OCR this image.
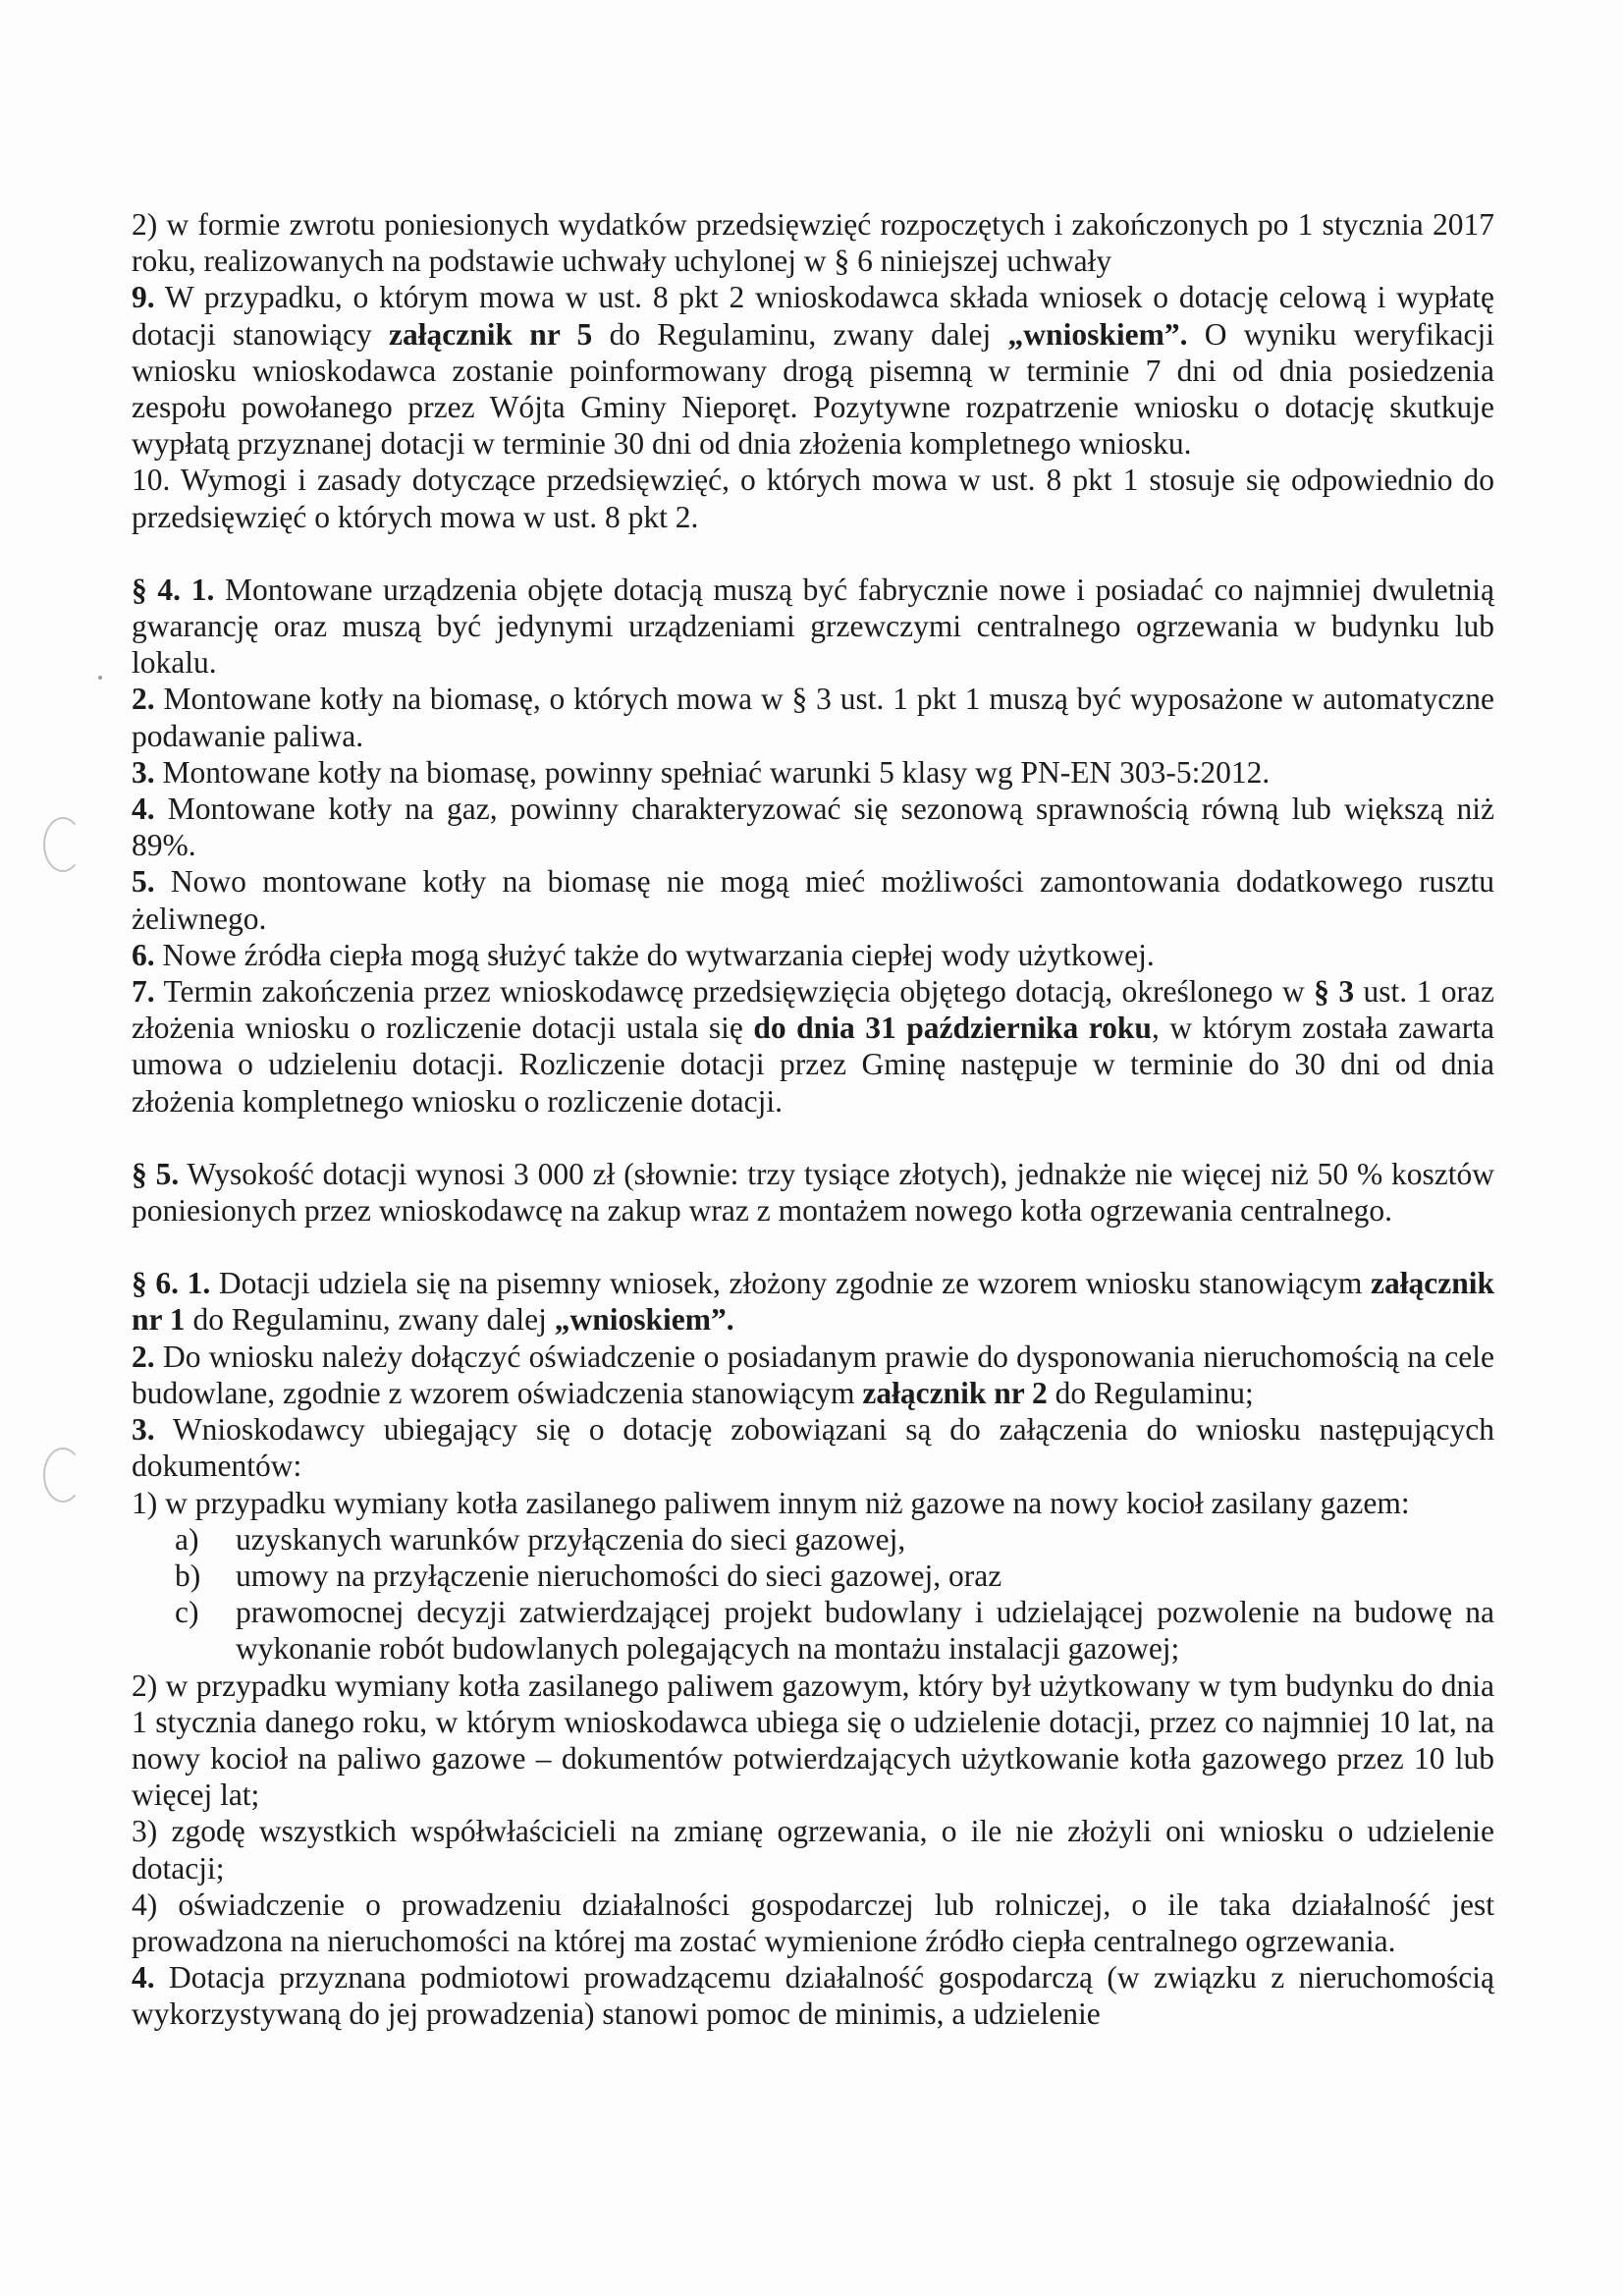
2) w formie zwrotu poniesionych wydatków przedsięwzięć rozpoczętych i zakończonych po 1 stycznia 2017 roku, realizowanych na podstawie uchwały uchylonej w § 6 niniejszej uchwały

9. W przypadku, o którym mowa w ust. 8 pkt 2 wnioskodawca składa wniosek o dotację celową i wypłatę dotacji stanowiący załącznik nr 5 do Regulaminu, zwany dalej „wnioskiem”. O wyniku weryfikacji wniosku wnioskodawca zostanie poinformowany drogą pisemną w terminie 7 dni od dnia posiedzenia zespołu powołanego przez Wójta Gminy Nieporęt. Pozytywne rozpatrzenie wniosku o dotację skutkuje wypłatą przyznanej dotacji w terminie 30 dni od dnia złożenia kompletnego wniosku.

10. Wymogi i zasady dotyczące przedsięwzięć, o których mowa w ust. 8 pkt 1 stosuje się odpowiednio do przedsięwzięć o których mowa w ust. 8 pkt 2.

§ 4. 1. Montowane urządzenia objęte dotacją muszą być fabrycznie nowe i posiadać co najmniej dwuletnią gwarancję oraz muszą być jedynymi urządzeniami grzewczymi centralnego ogrzewania w budynku lub lokalu.

2. Montowane kotły na biomasę, o których mowa w § 3 ust. 1 pkt 1 muszą być wyposażone w automatyczne podawanie paliwa.

3. Montowane kotły na biomasę, powinny spełniać warunki 5 klasy wg PN-EN 303-5:2012.

4. Montowane kotły na gaz, powinny charakteryzować się sezonową sprawnością równą lub większą niż 89%.

5. Nowo montowane kotły na biomasę nie mogą mieć możliwości zamontowania dodatkowego rusztu żeliwnego.

6. Nowe źródła ciepła mogą służyć także do wytwarzania ciepłej wody użytkowej.

7. Termin zakończenia przez wnioskodawcę przedsięwzięcia objętego dotacją, określonego w § 3 ust. 1 oraz złożenia wniosku o rozliczenie dotacji ustala się do dnia 31 października roku, w którym została zawarta umowa o udzieleniu dotacji. Rozliczenie dotacji przez Gminę następuje w terminie do 30 dni od dnia złożenia kompletnego wniosku o rozliczenie dotacji.

§ 5. Wysokość dotacji wynosi 3 000 zł (słownie: trzy tysiące złotych), jednakże nie więcej niż 50 % kosztów poniesionych przez wnioskodawcę na zakup wraz z montażem nowego kotła ogrzewania centralnego.

§ 6. 1. Dotacji udziela się na pisemny wniosek, złożony zgodnie ze wzorem wniosku stanowiącym załącznik nr 1 do Regulaminu, zwany dalej „wnioskiem”.

2. Do wniosku należy dołączyć oświadczenie o posiadanym prawie do dysponowania nieruchomością na cele budowlane, zgodnie z wzorem oświadczenia stanowiącym załącznik nr 2 do Regulaminu;

3. Wnioskodawcy ubiegający się o dotację zobowiązani są do załączenia do wniosku następujących dokumentów:

1) w przypadku wymiany kotła zasilanego paliwem innym niż gazowe na nowy kocioł zasilany gazem:

a) uzyskanych warunków przyłączenia do sieci gazowej,
b) umowy na przyłączenie nieruchomości do sieci gazowej, oraz
c) prawomocnej decyzji zatwierdzającej projekt budowlany i udzielającej pozwolenie na budowę na wykonanie robót budowlanych polegających na montażu instalacji gazowej;

2) w przypadku wymiany kotła zasilanego paliwem gazowym, który był użytkowany w tym budynku do dnia 1 stycznia danego roku, w którym wnioskodawca ubiega się o udzielenie dotacji, przez co najmniej 10 lat, na nowy kocioł na paliwo gazowe – dokumentów potwierdzających użytkowanie kotła gazowego przez 10 lub więcej lat;

3) zgodę wszystkich współwłaścicieli na zmianę ogrzewania, o ile nie złożyli oni wniosku o udzielenie dotacji;

4) oświadczenie o prowadzeniu działalności gospodarczej lub rolniczej, o ile taka działalność jest prowadzona na nieruchomości na której ma zostać wymienione źródło ciepła centralnego ogrzewania.

4. Dotacja przyznana podmiotowi prowadzącemu działalność gospodarczą (w związku z nieruchomością wykorzystywaną do jej prowadzenia) stanowi pomoc de minimis, a udzielenie
